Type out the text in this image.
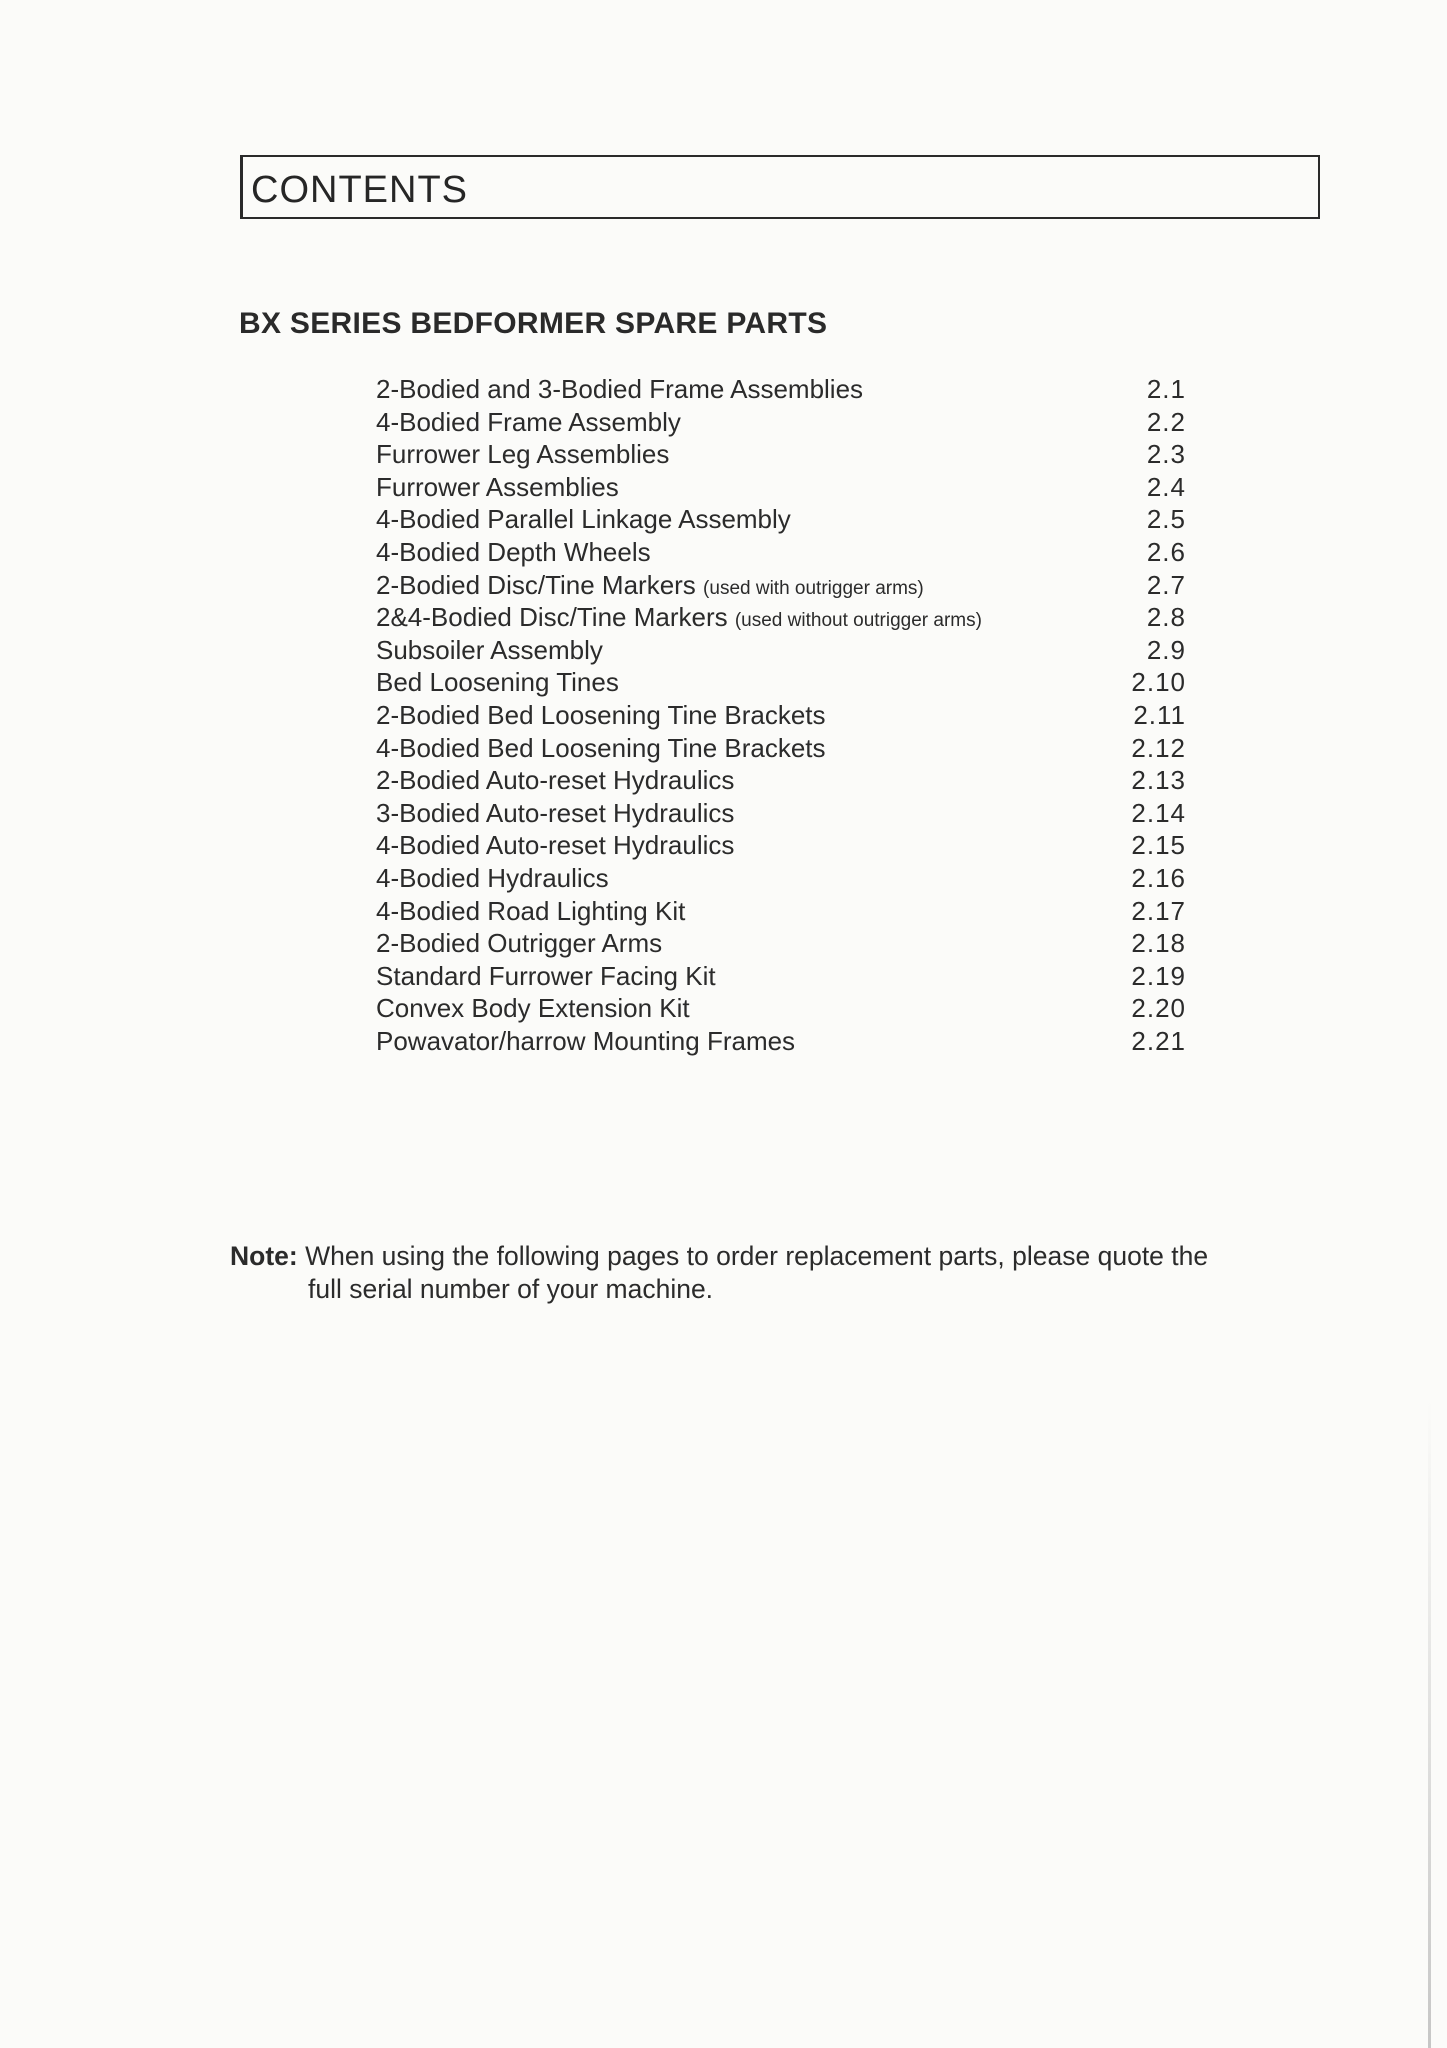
CONTENTS
BX SERIES BEDFORMER SPARE PARTS
2-Bodied and 3-Bodied Frame Assemblies	2.1
4-Bodied Frame Assembly	2.2
Furrower Leg Assemblies	2.3
Furrower Assemblies	2.4
4-Bodied Parallel Linkage Assembly	2.5
4-Bodied Depth Wheels	2.6
2-Bodied Disc/Tine Markers (used with outrigger arms)	2.7
2&4-Bodied Disc/Tine Markers (used without outrigger arms)	2.8
Subsoiler Assembly	2.9
Bed Loosening Tines	2.10
2-Bodied Bed Loosening Tine Brackets	2.11
4-Bodied Bed Loosening Tine Brackets	2.12
2-Bodied Auto-reset Hydraulics	2.13
3-Bodied Auto-reset Hydraulics	2.14
4-Bodied Auto-reset Hydraulics	2.15
4-Bodied Hydraulics	2.16
4-Bodied Road Lighting Kit	2.17
2-Bodied Outrigger Arms	2.18
Standard Furrower Facing Kit	2.19
Convex Body Extension Kit	2.20
Powavator/harrow Mounting Frames	2.21
Note: When using the following pages to order replacement parts, please quote the
full serial number of your machine.
